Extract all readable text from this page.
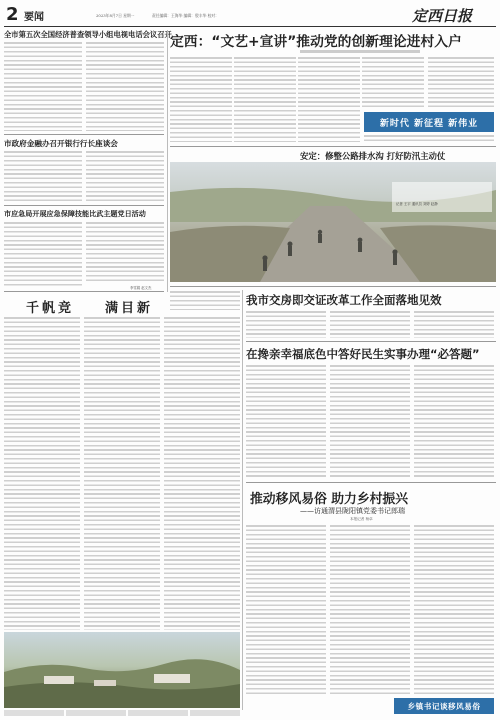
2 要闻	2023年8月7日 星期一	责任编辑：王海华 编辑：殷丰华 校对：	定西日报
全市第五次全国经济普查领导小组电视电话会议召开
市政府金融办召开银行行长座谈会
市应急局开展应急保障技能比武主题党日活动
李雪娟 赵文杰
千帆竞 满目新
定西：“文艺+宣讲”推动党的创新理论进村入户
新时代 新征程 新伟业
安定：修整公路排水沟 打好防汛主动仗
记者 王宇 通讯员 刘婷 赵静
我市交房即交证改革工作全面落地见效
在搀亲幸福底色中答好民生实事办理“必答题”
推动移风易俗 助力乡村振兴
——访通渭县陇阳镇党委书记郎瑞
本报记者 杨卓
乡镇书记谈移风易俗
